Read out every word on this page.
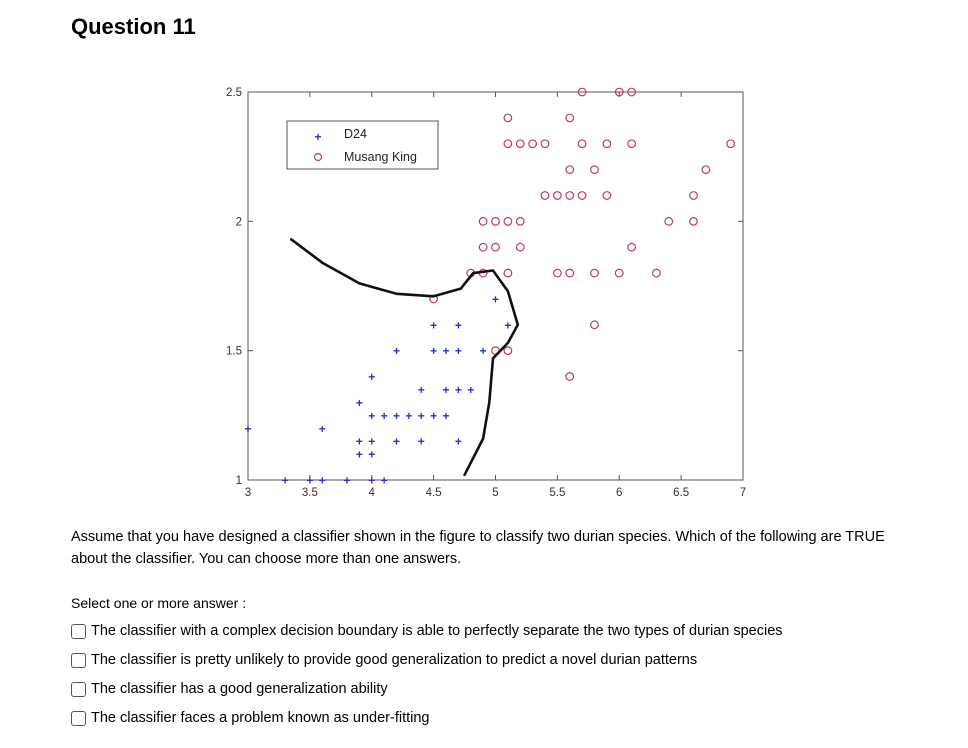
Question 11
3	3.5	4	4.5	5	5.5	6	6.5	7
1
1.5
2
2.5
+
+ + + + + +
+
+ +
+
+
+
+ + + + + + +
+ + + +	+
+ + + +
+ + + +
+ +
+
+
+ D24
Musang King
Assume that you have designed a classifier shown in the figure to classify two durian species. Which of the following are TRUE about the classifier. You can choose more than one answers.
Select one or more answer :
The classifier with a complex decision boundary is able to perfectly separate the two types of durian species
The classifier is pretty unlikely to provide good generalization to predict a novel durian patterns
The classifier has a good generalization ability
The classifier faces a problem known as under-fitting
